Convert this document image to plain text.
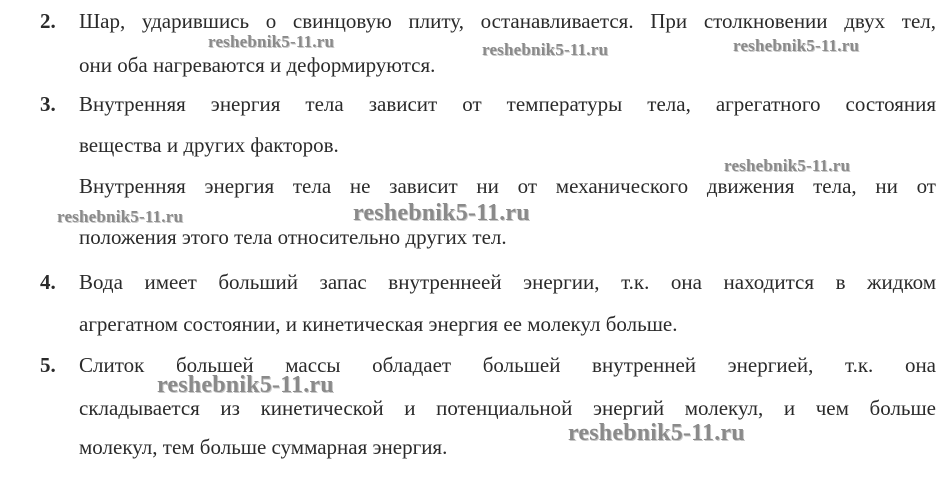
2. Шар, ударившись о свинцовую плиту, останавливается. При столкновении двух тел,
они оба нагреваются и деформируются.
3. Внутренняя энергия тела зависит от температуры тела, агрегатного состояния
вещества и других факторов.
Внутренняя энергия тела не зависит ни от механического движения тела, ни от
положения этого тела относительно других тел.
4. Вода имеет больший запас внутреннеей энергии, т.к. она находится в жидком
агрегатном состоянии, и кинетическая энергия ее молекул больше.
5. Слиток большей массы обладает большей внутренней энергией, т.к. она
складывается из кинетической и потенциальной энергий молекул, и чем больше
молекул, тем больше суммарная энергия.
reshebnik5-11.ru	reshebnik5-11.ru	reshebnik5-11.ru
reshebnik5-11.ru
reshebnik5-11.ru	reshebnik5-11.ru
reshebnik5-11.ru
reshebnik5-11.ru
